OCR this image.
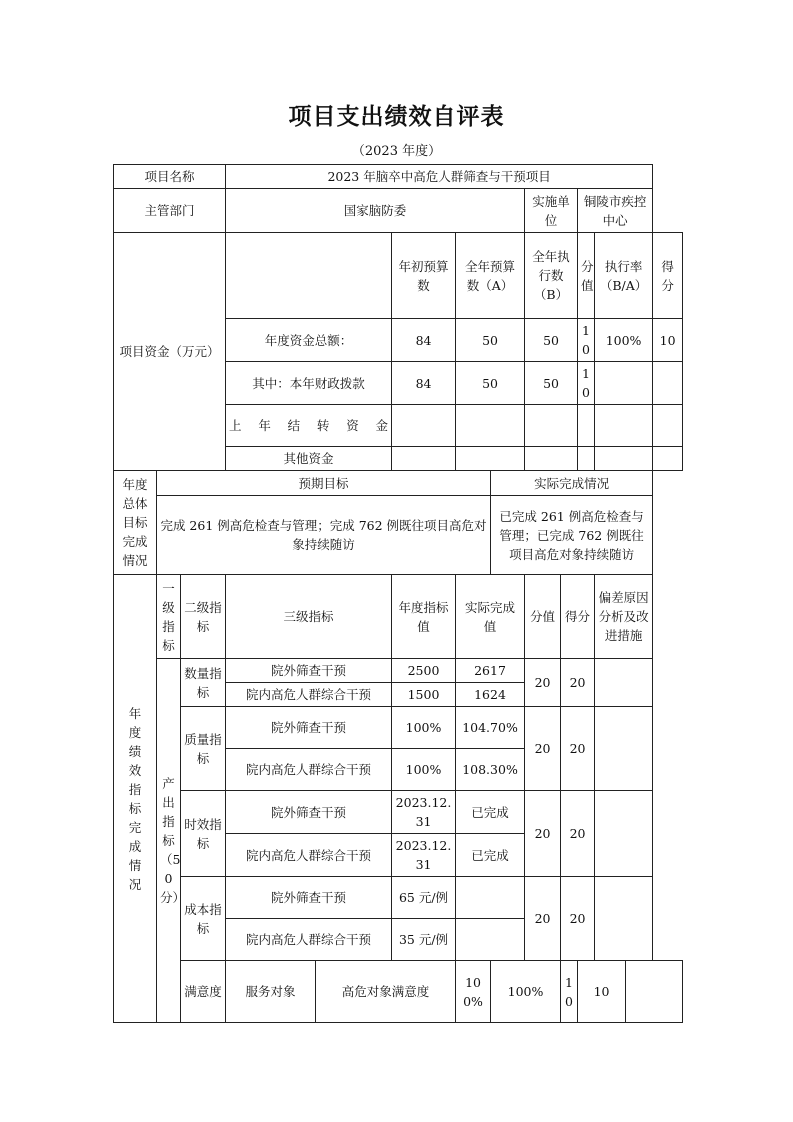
项目支出绩效自评表
（2023 年度）
项目名称			2023 年脑卒中高危人群筛查与干预项目										
主管部门			国家脑防委					实施单位		铜陵市疾控中心			
项目资金（万元）					年初预算数	全年预算数（A）		全年执行数（B）		分值	执行率（B/A）		得分
			年度资金总额：		84	50		50		10	100%		10
			其中：本年财政拨款		84	50		50		10			
			上年结转资金										
			其他资金										
年度总体目标完成情况	预期目标						实际完成情况						
	完成 261 例高危检查与管理；完成 762 例既往项目高危对象持续随访						已完成 261 例高危检查与管理；已完成 762 例既往项目高危对象持续随访						
年度绩效指标完成情况	一级指标	二级指标	三级指标		年度指标值	实际完成值		分值	得分		偏差原因分析及改进措施		
	产出指标（50分）	数量指标	院外筛查干预		2500	2617		20	20				
			院内高危人群综合干预		1500	1624							
		质量指标	院外筛查干预		100%	104.70%		20	20				
			院内高危人群综合干预		100%	108.30%							
		时效指标	院外筛查干预		2023.12.31	已完成		20	20				
			院内高危人群综合干预		2023.12.31	已完成							
		成本指标	院外筛查干预		65 元/例			20	20				
			院内高危人群综合干预		35 元/例								
		满意度	服务对象	高危对象满意度		100%	100%		10	10			
